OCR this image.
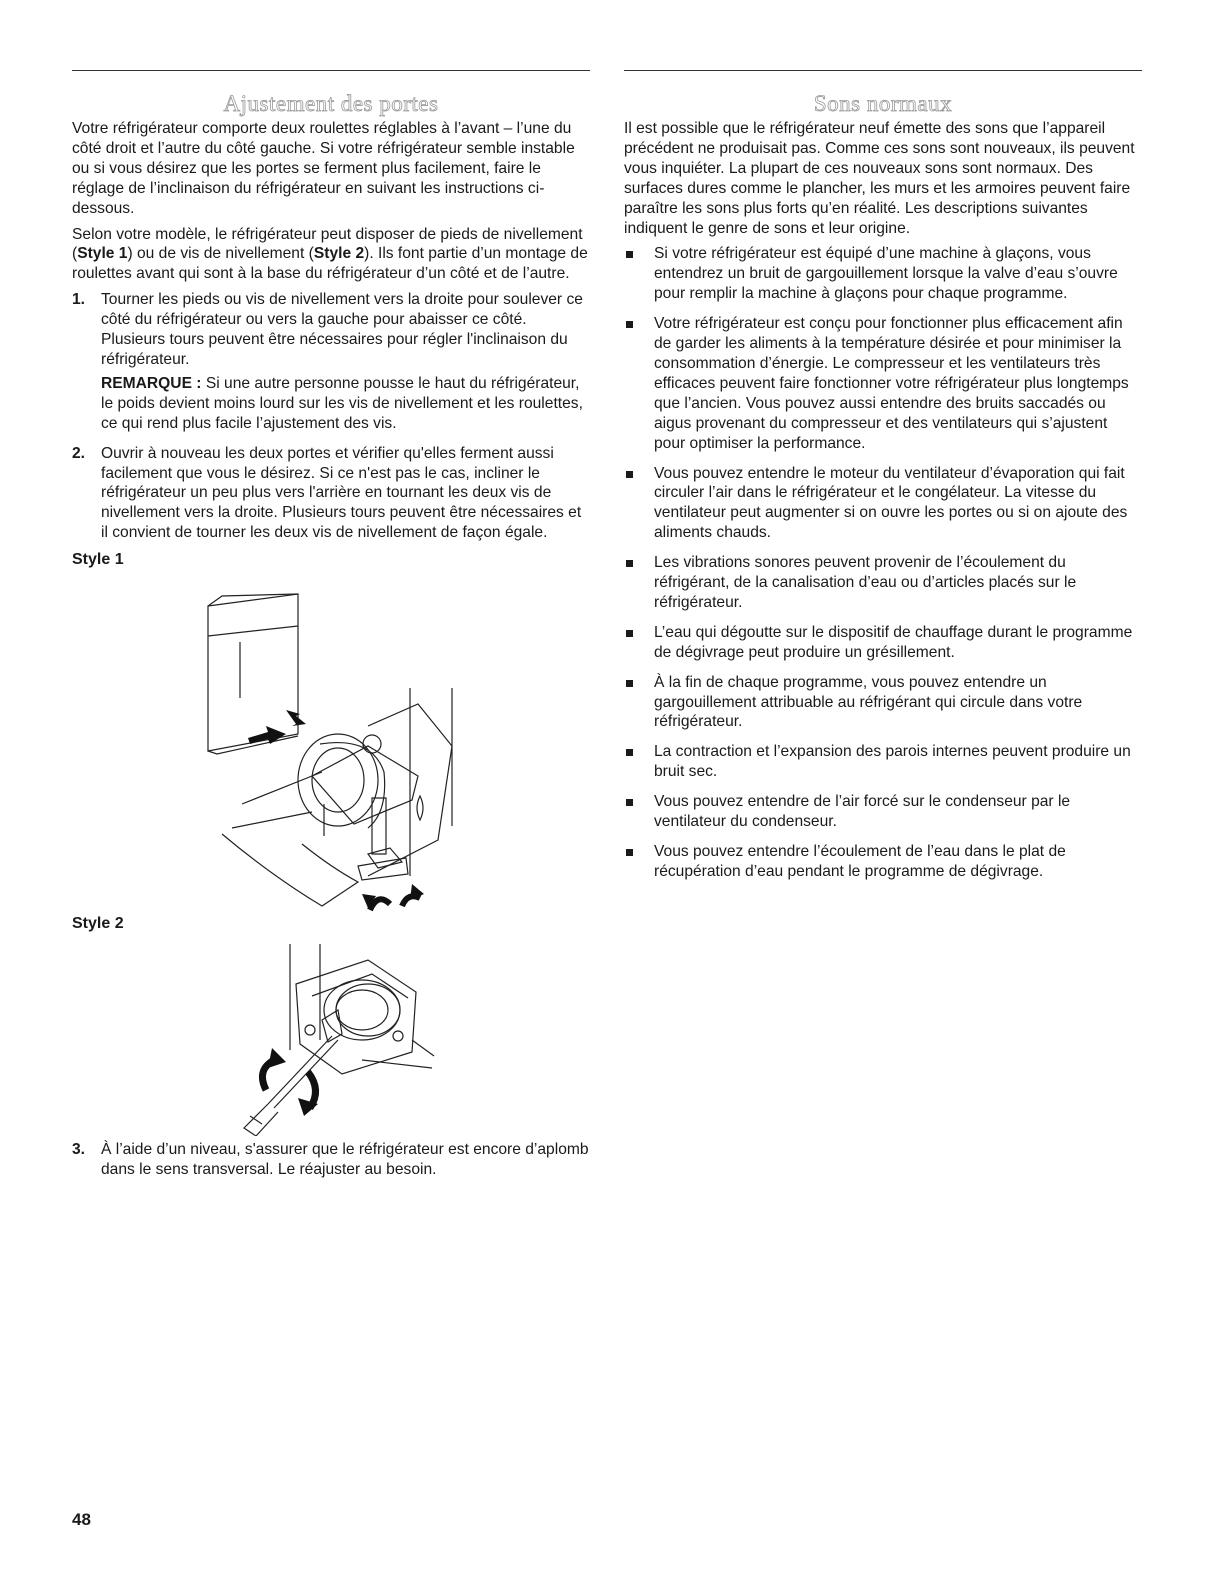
Ajustement des portes

Votre réfrigérateur comporte deux roulettes réglables à l’avant – l’une du côté droit et l’autre du côté gauche. Si votre réfrigérateur semble instable ou si vous désirez que les portes se ferment plus facilement, faire le réglage de l’inclinaison du réfrigérateur en suivant les instructions ci-dessous.

Selon votre modèle, le réfrigérateur peut disposer de pieds de nivellement (Style 1) ou de vis de nivellement (Style 2). Ils font partie d’un montage de roulettes avant qui sont à la base du réfrigérateur d’un côté et de l’autre.

1. Tourner les pieds ou vis de nivellement vers la droite pour soulever ce côté du réfrigérateur ou vers la gauche pour abaisser ce côté. Plusieurs tours peuvent être nécessaires pour régler l'inclinaison du réfrigérateur.
REMARQUE : Si une autre personne pousse le haut du réfrigérateur, le poids devient moins lourd sur les vis de nivellement et les roulettes, ce qui rend plus facile l’ajustement des vis.
2. Ouvrir à nouveau les deux portes et vérifier qu'elles ferment aussi facilement que vous le désirez. Si ce n'est pas le cas, incliner le réfrigérateur un peu plus vers l'arrière en tournant les deux vis de nivellement vers la droite. Plusieurs tours peuvent être nécessaires et il convient de tourner les deux vis de nivellement de façon égale.
Style 1
Style 2
3. À l’aide d’un niveau, s'assurer que le réfrigérateur est encore d’aplomb dans le sens transversal. Le réajuster au besoin.
Sons normaux

Il est possible que le réfrigérateur neuf émette des sons que l’appareil précédent ne produisait pas. Comme ces sons sont nouveaux, ils peuvent vous inquiéter. La plupart de ces nouveaux sons sont normaux. Des surfaces dures comme le plancher, les murs et les armoires peuvent faire paraître les sons plus forts qu’en réalité. Les descriptions suivantes indiquent le genre de sons et leur origine.

Si votre réfrigérateur est équipé d’une machine à glaçons, vous entendrez un bruit de gargouillement lorsque la valve d’eau s’ouvre pour remplir la machine à glaçons pour chaque programme.
Votre réfrigérateur est conçu pour fonctionner plus efficacement afin de garder les aliments à la température désirée et pour minimiser la consommation d’énergie. Le compresseur et les ventilateurs très efficaces peuvent faire fonctionner votre réfrigérateur plus longtemps que l’ancien. Vous pouvez aussi entendre des bruits saccadés ou aigus provenant du compresseur et des ventilateurs qui s’ajustent pour optimiser la performance.
Vous pouvez entendre le moteur du ventilateur d’évaporation qui fait circuler l’air dans le réfrigérateur et le congélateur. La vitesse du ventilateur peut augmenter si on ouvre les portes ou si on ajoute des aliments chauds.
Les vibrations sonores peuvent provenir de l’écoulement du réfrigérant, de la canalisation d’eau ou d’articles placés sur le réfrigérateur.
L’eau qui dégoutte sur le dispositif de chauffage durant le programme de dégivrage peut produire un grésillement.
À la fin de chaque programme, vous pouvez entendre un gargouillement attribuable au réfrigérant qui circule dans votre réfrigérateur.
La contraction et l’expansion des parois internes peuvent produire un bruit sec.
Vous pouvez entendre de l’air forcé sur le condenseur par le ventilateur du condenseur.
Vous pouvez entendre l’écoulement de l’eau dans le plat de récupération d’eau pendant le programme de dégivrage.
48
